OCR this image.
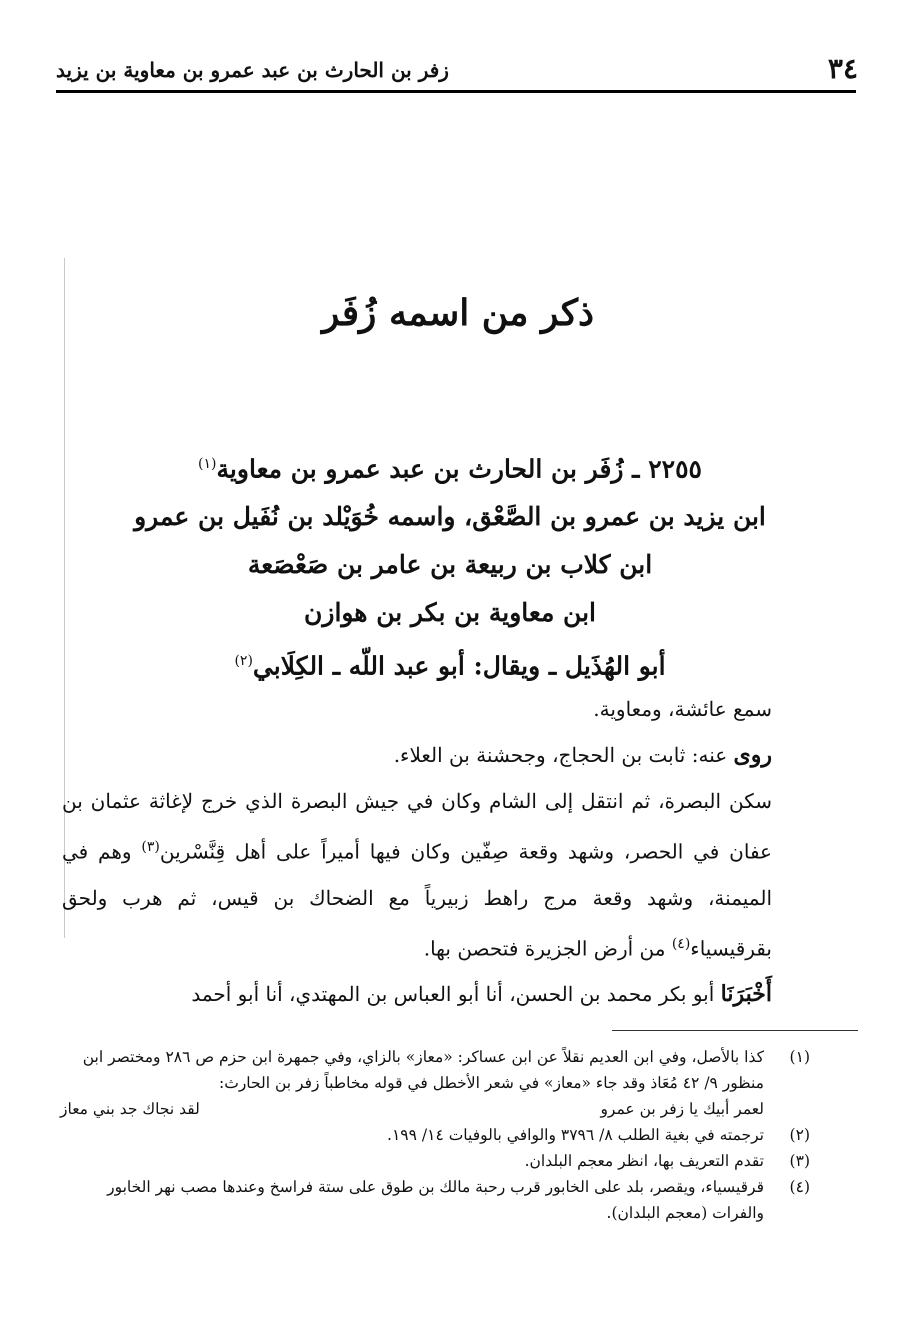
٣٤
زفر بن الحارث بن عبد عمرو بن معاوية بن يزيد
ذكر من اسمه زُفَر
٢٢٥٥ ـ زُفَر بن الحارث بن عبد عمرو بن معاوية$^{(١)}$
ابن يزيد بن عمرو بن الصَّعْق، واسمه خُوَيْلد بن نُفَيل بن عمرو
ابن كلاب بن ربيعة بن عامر بن صَعْصَعة
ابن معاوية بن بكر بن هوازن
أبو الهُذَيل ـ ويقال: أبو عبد اللّه ـ الكِلَابي$^{(٢)}$
سمع عائشة، ومعاوية.
روى عنه: ثابت بن الحجاج، وجحشنة بن العلاء.
سكن البصرة، ثم انتقل إلى الشام وكان في جيش البصرة الذي خرج لإغاثة عثمان بن عفان في الحصر، وشهد وقعة صِفّين وكان فيها أميراً على أهل قِنَّسْرين$^{(٣)}$ وهم في الميمنة، وشهد وقعة مرج راهط زبيرياً مع الضحاك بن قيس، ثم هرب ولحق بقرقيسياء$^{(٤)}$ من أرض الجزيرة فتحصن بها.
أَخْبَرَنَا أبو بكر محمد بن الحسن، أنا أبو العباس بن المهتدي، أنا أبو أحمد
(١)
كذا بالأصل، وفي ابن العديم نقلاً عن ابن عساكر: «معاز» بالزاي، وفي جمهرة ابن حزم ص ٢٨٦ ومختصر ابن منظور ٩/ ٤٢ مُعَاذ وقد جاء «معاز» في شعر الأخطل في قوله مخاطباً زفر بن الحارث:
لعمر أبيك يا زفر بن عمرو
لقد نجاك جد بني معاز
(٢)
ترجمته في بغية الطلب ٨/ ٣٧٩٦ والوافي بالوفيات ١٤/ ١٩٩.
(٣)
تقدم التعريف بها، انظر معجم البلدان.
(٤)
قرقيسياء، ويقصر، بلد على الخابور قرب رحبة مالك بن طوق على ستة فراسخ وعندها مصب نهر الخابور والفرات (معجم البلدان).
